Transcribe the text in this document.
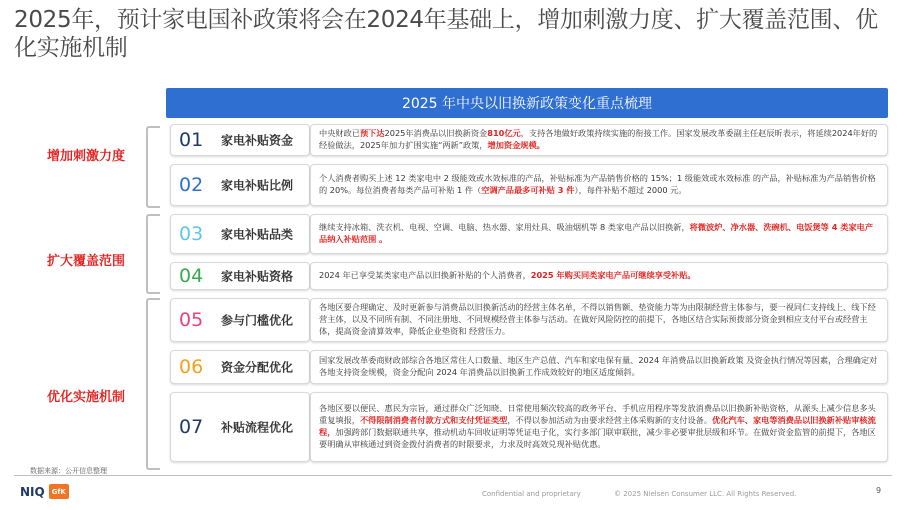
2025年，预计家电国补政策将会在2024年基础上，增加刺激力度、扩大覆盖范围、优化实施机制
2025 年中央以旧换新政策变化重点梳理
增加刺激力度
扩大覆盖范围
优化实施机制
01 家电补贴资金
中央财政已预下达2025年消费品以旧换新资金810亿元，支持各地做好政策持续实施的衔接工作。国家发展改革委副主任赵辰昕表示，将延续2024年好的经验做法，2025年加力扩围实施“两新”政策，增加资金规模。
02 家电补贴比例
个人消费者购买上述 12 类家电中 2 级能效或水效标准的产品，补贴标准为产品销售价格的 15%；1 级能效或水效标准 的产品，补贴标准为产品销售价格的 20%。每位消费者每类产品可补贴 1 件（空调产品最多可补贴 3 件），每件补贴不超过 2000 元。
03 家电补贴品类
继续支持冰箱、洗衣机、电视、空调、电脑、热水器、家用灶具、吸油烟机等 8 类家电产品以旧换新，将微波炉、净水器、洗碗机、电饭煲等 4 类家电产品纳入补贴范围 。
04 家电补贴资格	2024 年已享受某类家电产品以旧换新补贴的个人消费者，2025 年购买同类家电产品可继续享受补贴。
05 参与门槛优化
各地区要合理确定、及时更新参与消费品以旧换新活动的经营主体名单，不得以销售额、垫资能力等为由限制经营主体参与，要一视同仁支持线上、线下经营主体，以及不同所有制、不同注册地、不同规模经营主体参与活动。在做好风险防控的前提下，各地区结合实际预拨部分资金到相应支付平台或经营主体，提高资金清算效率，降低企业垫资和 经营压力。
06 资金分配优化
国家发展改革委商财政部综合各地区常住人口数量、地区生产总值、汽车和家电保有量、2024 年消费品以旧换新政策 及资金执行情况等因素，合理确定对各地支持资金规模，资金分配向 2024 年消费品以旧换新工作成效较好的地区适度倾斜。
07 补贴流程优化
各地区要以便民、惠民为宗旨，通过群众广泛知晓、日常使用频次较高的政务平台、手机应用程序等发放消费品以旧换新补贴资格，从源头上减少信息多头重复填报，不得限制消费者付款方式和支付凭证类型，不得以参加活动为由要求经营主体采购新的支付设备。优化汽车、家电等消费品以旧换新补贴审核流程，加强跨部门数据联通共享，推动机动车回收证明等凭证电子化，实行多部门联审联批，减少非必要审批层级和环节。在做好资金监管的前提下，各地区要明确从审核通过到资金拨付消费者的时限要求，力求及时高效兑现补贴优惠。
数据来源：公开信息整理
NIQ GfK	Confidential and proprietary	© 2025 Nielsen Consumer LLC. All Rights Reserved.	9
